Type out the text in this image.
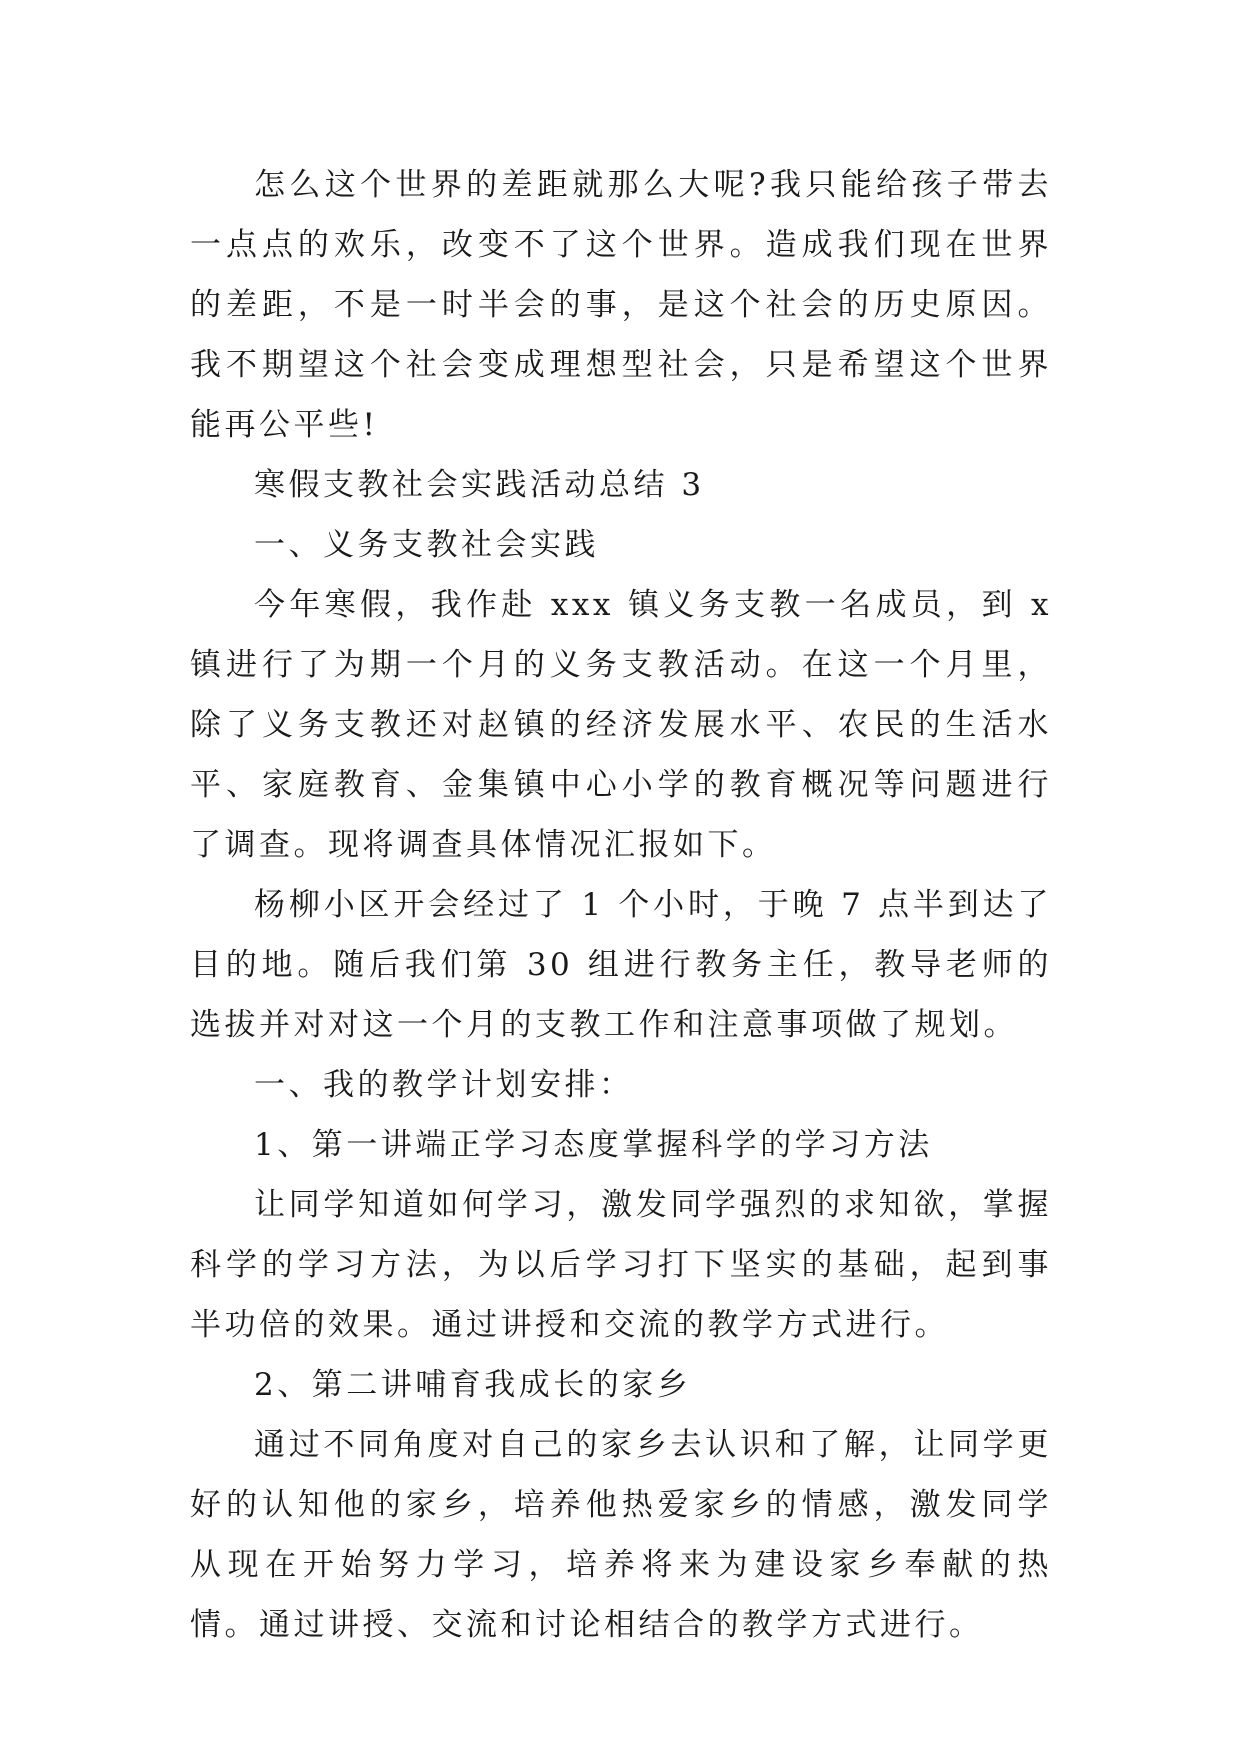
怎么这个世界的差距就那么大呢?我只能给孩子带去一点点的欢乐，改变不了这个世界。造成我们现在世界的差距，不是一时半会的事，是这个社会的历史原因。我不期望这个社会变成理想型社会，只是希望这个世界能再公平些!

寒假支教社会实践活动总结 3

一、义务支教社会实践

今年寒假，我作赴 xxx 镇义务支教一名成员，到 x 镇进行了为期一个月的义务支教活动。在这一个月里，除了义务支教还对赵镇的经济发展水平、农民的生活水平、家庭教育、金集镇中心小学的教育概况等问题进行了调查。现将调查具体情况汇报如下。

杨柳小区开会经过了 1 个小时，于晚 7 点半到达了目的地。随后我们第 30 组进行教务主任，教导老师的选拔并对对这一个月的支教工作和注意事项做了规划。

一、我的教学计划安排：

1、第一讲端正学习态度掌握科学的学习方法

让同学知道如何学习，激发同学强烈的求知欲，掌握科学的学习方法，为以后学习打下坚实的基础，起到事半功倍的效果。通过讲授和交流的教学方式进行。

2、第二讲哺育我成长的家乡

通过不同角度对自己的家乡去认识和了解，让同学更好的认知他的家乡，培养他热爱家乡的情感，激发同学从现在开始努力学习，培养将来为建设家乡奉献的热情。通过讲授、交流和讨论相结合的教学方式进行。
